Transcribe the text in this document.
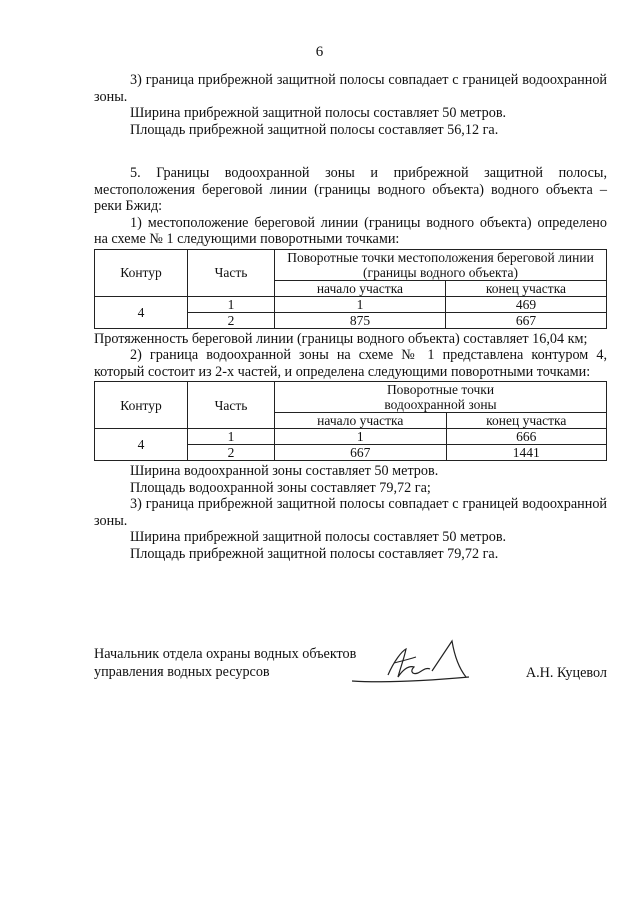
6

3) граница прибрежной защитной полосы совпадает с границей водоохранной зоны.

Ширина прибрежной защитной полосы составляет 50 метров.

Площадь прибрежной защитной полосы составляет 56,12 га.

5. Границы водоохранной зоны и прибрежной защитной полосы, местоположения береговой линии (границы водного объекта) водного объекта – реки Бжид:

1) местоположение береговой линии (границы водного объекта) определено на схеме № 1 следующими поворотными точками:

Контур	Часть	Поворотные точки местоположения береговой линии (границы водного объекта)	
		начало участка	конец участка
4	1	1	469
	2	875	667

Протяженность береговой линии (границы водного объекта) составляет 16,04 км;

2) граница водоохранной зоны на схеме № 1 представлена контуром 4, который состоит из 2-х частей, и определена следующими поворотными точками:

Контур	Часть	Поворотные точки
водоохранной зоны	

		начало участка	конец участка
4	1	1	666
	2	667	1441

Ширина водоохранной зоны составляет 50 метров.

Площадь водоохранной зоны составляет 79,72 га;

3) граница прибрежной защитной полосы совпадает с границей водоохранной зоны.

Ширина прибрежной защитной полосы составляет 50 метров.

Площадь прибрежной защитной полосы составляет 79,72 га.

Начальник отдела охраны водных объектов
управления водных ресурсов	А.Н. Куцевол
